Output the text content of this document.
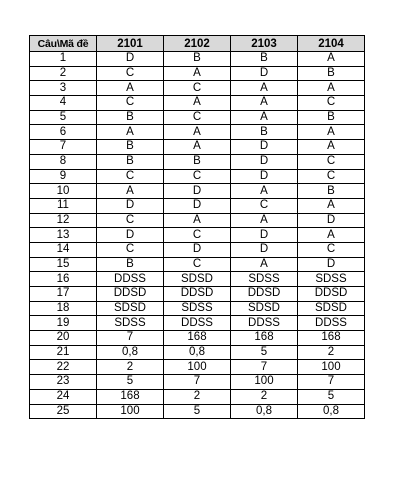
Câu\Mã đề	2101	2102	2103	2104
1	D	B	B	A
2	C	A	D	B
3	A	C	A	A
4	C	A	A	C
5	B	C	A	B
6	A	A	B	A
7	B	A	D	A
8	B	B	D	C
9	C	C	D	C
10	A	D	A	B
11	D	D	C	A
12	C	A	A	D
13	D	C	D	A
14	C	D	D	C
15	B	C	A	D
16	DDSS	SDSD	SDSS	SDSS
17	DDSD	DDSD	DDSD	DDSD
18	SDSD	SDSS	SDSD	SDSD
19	SDSS	DDSS	DDSS	DDSS
20	7	168	168	168
21	0,8	0,8	5	2
22	2	100	7	100
23	5	7	100	7
24	168	2	2	5
25	100	5	0,8	0,8
